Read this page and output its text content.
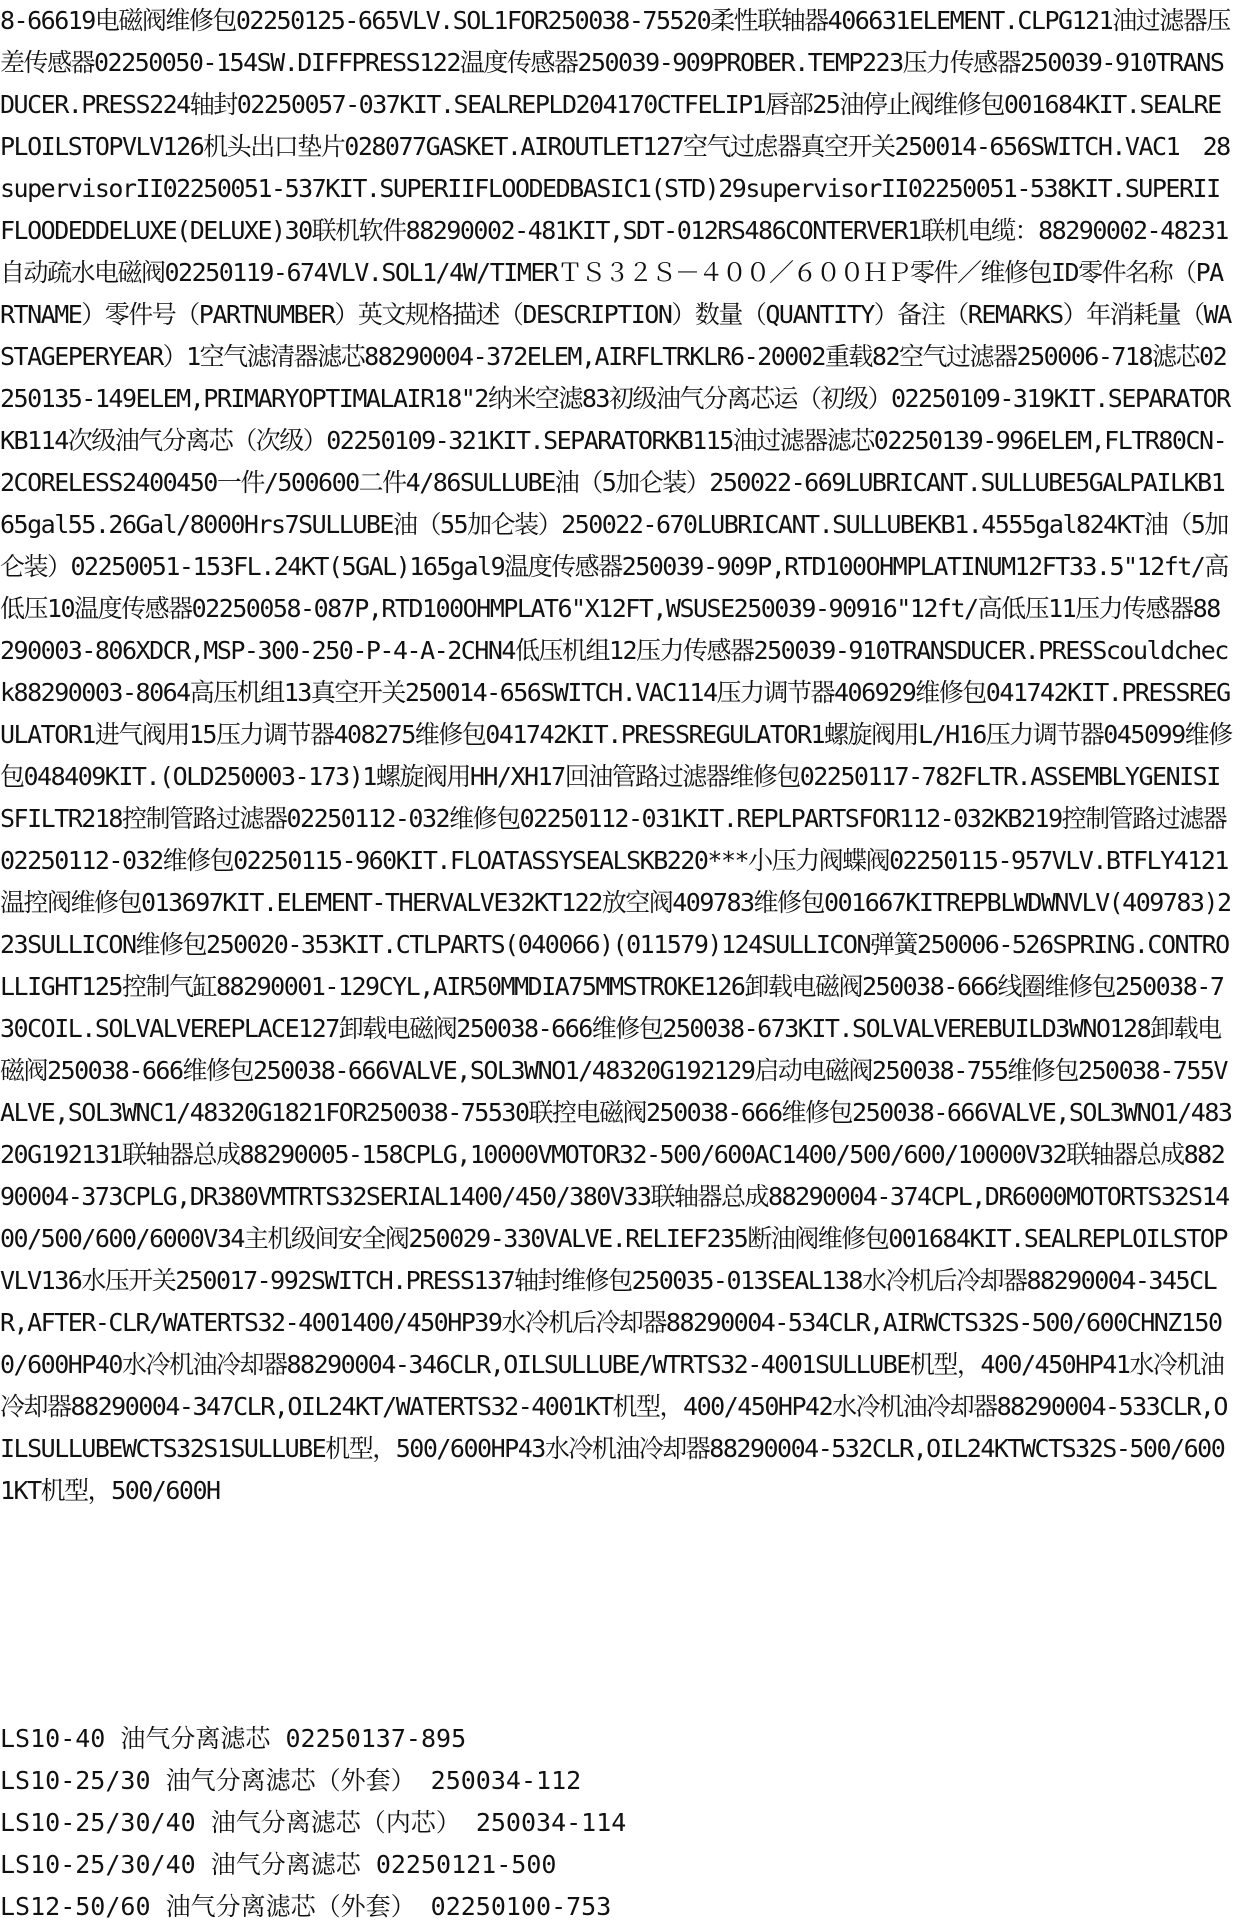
8-66619电磁阀维修包02250125-665VLV.SOL1FOR250038-75520柔性联轴器406631ELEMENT.CLPG121油过滤器压差传感器02250050-154SW.DIFFPRESS122温度传感器250039-909PROBER.TEMP223压力传感器250039-910TRANSDUCER.PRESS224轴封02250057-037KIT.SEALREPLD204170CTFELIP1唇部25油停止阀维修包001684KIT.SEALREPLOILSTOPVLV126机头出口垫片028077GASKET.AIROUTLET127空气过虑器真空开关250014-656SWITCH.VAC1　28supervisorII02250051-537KIT.SUPERIIFLOODEDBASIC1(STD)29supervisorII02250051-538KIT.SUPERIIFLOODEDDELUXE(DELUXE)30联机软件88290002-481KIT,SDT-012RS486CONTERVER1联机电缆：88290002-48231自动疏水电磁阀02250119-674VLV.SOL1/4W/TIMERＴＳ３２Ｓ－４００／６００ＨＰ零件／维修包ID零件名称（PARTNAME）零件号（PARTNUMBER）英文规格描述（DESCRIPTION）数量（QUANTITY）备注（REMARKS）年消耗量（WASTAGEPERYEAR）1空气滤清器滤芯88290004-372ELEM,AIRFLTRKLR6-20002重载82空气过滤器250006-718滤芯02250135-149ELEM,PRIMARYOPTIMALAIR18"2纳米空滤83初级油气分离芯运（初级）02250109-319KIT.SEPARATORKB114次级油气分离芯（次级）02250109-321KIT.SEPARATORKB115油过滤器滤芯02250139-996ELEM,FLTR80CN-2CORELESS2400450一件/500600二件4/86SULLUBE油（5加仑装）250022-669LUBRICANT.SULLUBE5GALPAILKB165gal55.26Gal/8000Hrs7SULLUBE油（55加仑装）250022-670LUBRICANT.SULLUBEKB1.4555gal824KT油（5加仑装）02250051-153FL.24KT(5GAL)165gal9温度传感器250039-909P,RTD100OHMPLATINUM12FT33.5"12ft/高低压10温度传感器02250058-087P,RTD100OHMPLAT6"X12FT,WSUSE250039-90916"12ft/高低压11压力传感器88290003-806XDCR,MSP-300-250-P-4-A-2CHN4低压机组12压力传感器250039-910TRANSDUCER.PRESScouldcheck88290003-8064高压机组13真空开关250014-656SWITCH.VAC114压力调节器406929维修包041742KIT.PRESSREGULATOR1进气阀用15压力调节器408275维修包041742KIT.PRESSREGULATOR1螺旋阀用L/H16压力调节器045099维修包048409KIT.(OLD250003-173)1螺旋阀用HH/XH17回油管路过滤器维修包02250117-782FLTR.ASSEMBLYGENISISFILTR218控制管路过滤器02250112-032维修包02250112-031KIT.REPLPARTSFOR112-032KB219控制管路过滤器02250112-032维修包02250115-960KIT.FLOATASSYSEALSKB220***小压力阀蝶阀02250115-957VLV.BTFLY4121温控阀维修包013697KIT.ELEMENT-THERVALVE32KT122放空阀409783维修包001667KITREPBLWDWNVLV(409783)223SULLICON维修包250020-353KIT.CTLPARTS(040066)(011579)124SULLICON弹簧250006-526SPRING.CONTROLLIGHT125控制气缸88290001-129CYL,AIR50MMDIA75MMSTROKE126卸载电磁阀250038-666线圈维修包250038-730COIL.SOLVALVEREPLACE127卸载电磁阀250038-666维修包250038-673KIT.SOLVALVEREBUILD3WNO128卸载电磁阀250038-666维修包250038-666VALVE,SOL3WNO1/48320G192129启动电磁阀250038-755维修包250038-755VALVE,SOL3WNC1/48320G1821FOR250038-75530联控电磁阀250038-666维修包250038-666VALVE,SOL3WNO1/48320G192131联轴器总成88290005-158CPLG,10000VMOTOR32-500/600AC1400/500/600/10000V32联轴器总成88290004-373CPLG,DR380VMTRTS32SERIAL1400/450/380V33联轴器总成88290004-374CPL,DR6000MOTORTS32S1400/500/600/6000V34主机级间安全阀250029-330VALVE.RELIEF235断油阀维修包001684KIT.SEALREPLOILSTOPVLV136水压开关250017-992SWITCH.PRESS137轴封维修包250035-013SEAL138水冷机后冷却器88290004-345CLR,AFTER-CLR/WATERTS32-4001400/450HP39水冷机后冷却器88290004-534CLR,AIRWCTS32S-500/600CHNZ1500/600HP40水冷机油冷却器88290004-346CLR,OILSULLUBE/WTRTS32-4001SULLUBE机型，400/450HP41水冷机油冷却器88290004-347CLR,OIL24KT/WATERTS32-4001KT机型，400/450HP42水冷机油冷却器88290004-533CLR,OILSULLUBEWCTS32S1SULLUBE机型，500/600HP43水冷机油冷却器88290004-532CLR,OIL24KTWCTS32S-500/6001KT机型，500/600H

LS10-40 油气分离滤芯 02250137-895
LS10-25/30 油气分离滤芯（外套） 250034-112
LS10-25/30/40 油气分离滤芯（内芯） 250034-114
LS10-25/30/40 油气分离滤芯 02250121-500
LS12-50/60 油气分离滤芯（外套） 02250100-753
